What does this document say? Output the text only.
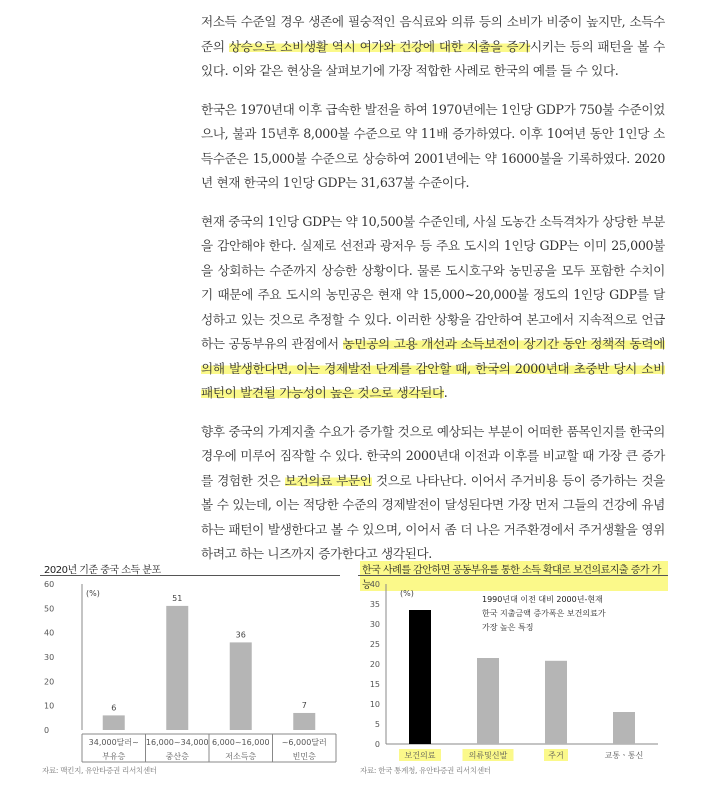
저소득 수준일 경우 생존에 필숭적인 음식료와 의류 등의 소비가 비중이 높지만, 소득수준의 상승으로 소비생활 역시 여가와 건강에 대한 지출을 증가시키는 등의 패턴을 볼 수 있다. 이와 같은 현상을 살펴보기에 가장 적합한 사례로 한국의 예를 들 수 있다.

한국은 1970년대 이후 급속한 발전을 하여 1970년에는 1인당 GDP가 750불 수준이었으나, 불과 15년후 8,000불 수준으로 약 11배 증가하였다. 이후 10여년 동안 1인당 소득수준은 15,000불 수준으로 상승하여 2001년에는 약 16000불을 기록하였다. 2020년 현재 한국의 1인당 GDP는 31,637불 수준이다.

현재 중국의 1인당 GDP는 약 10,500불 수준인데, 사실 도농간 소득격차가 상당한 부분을 감안해야 한다. 실제로 선전과 광저우 등 주요 도시의 1인당 GDP는 이미 25,000불을 상회하는 수준까지 상승한 상황이다. 물론 도시호구와 농민공을 모두 포함한 수치이기 때문에 주요 도시의 농민공은 현재 약 15,000~20,000불 정도의 1인당 GDP를 달성하고 있는 것으로 추정할 수 있다. 이러한 상황을 감안하여 본고에서 지속적으로 언급하는 공동부유의 관점에서 농민공의 고용 개선과 소득보전이 장기간 동안 정책적 동력에 의해 발생한다면, 이는 경제발전 단계를 감안할 때, 한국의 2000년대 초중반 당시 소비패턴이 발견될 가능성이 높은 것으로 생각된다.

향후 중국의 가계지출 수요가 증가할 것으로 예상되는 부분이 어떠한 품목인지를 한국의 경우에 미루어 짐작할 수 있다. 한국의 2000년대 이전과 이후를 비교할 때 가장 큰 증가를 경험한 것은 보건의료 부문인 것으로 나타난다. 이어서 주거비용 등이 증가하는 것을 볼 수 있는데, 이는 적당한 수준의 경제발전이 달성된다면 가장 먼저 그들의 건강에 유념하는 패턴이 발생한다고 볼 수 있으며, 이어서 좀 더 나은 거주환경에서 주거생활을 영위하려고 하는 니즈까지 증가한다고 생각된다.

2020년 기준 중국 소득 분포
0
10
20
30
40
50
60
(%)
6
34,000달러~
부유층
51
16,000~34,000
중산층
36
6,000~16,000
저소득층
7
~6,000달러
빈민층
자료: 맥킨지, 유안타증권 리서치센터
한국 사례를 감안하면 공동부유를 통한 소득 확대로 보건의료지출 증가 가능
0
5
10
15
20
25
30
35
40
(%)
1990년대 이전 대비 2000년-현재
한국 지출금액 증가폭은 보건의료가
가장 높은 특징
보건의료	의류및신발	주거	교통ㆍ통신
자료: 한국 통계청, 유안타증권 리서치센터
